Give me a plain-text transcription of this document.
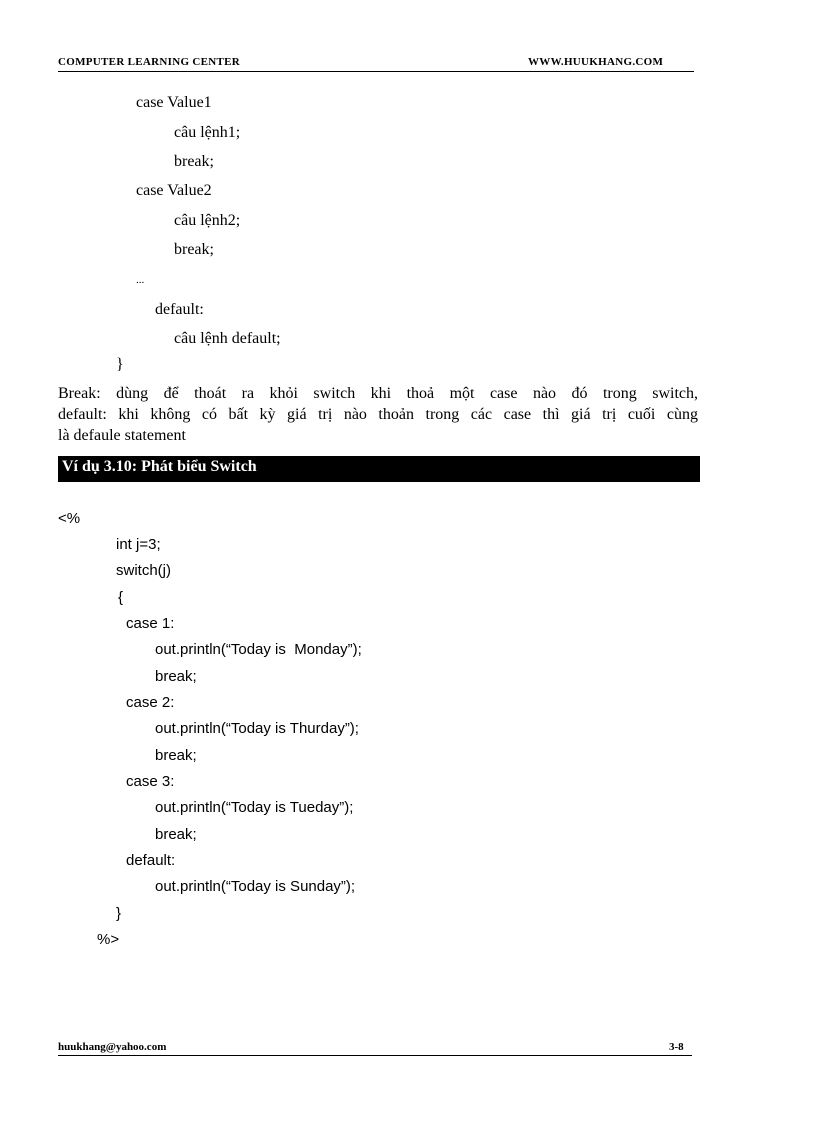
COMPUTER LEARNING CENTER	WWW.HUUKHANG.COM
case Value1
câu lệnh1;
break;
case Value2
câu lệnh2;
break;
...
default:
câu lệnh default;
}
Break: dùng để thoát ra khỏi switch khi thoả một case nào đó trong switch,
default: khi không có bất kỳ giá trị nào thoản trong các case thì giá trị cuối cùng
là defaule statement
Ví dụ 3.10: Phát biểu Switch
<%
int j=3;
switch(j)
{
case 1:
out.println(“Today is  Monday”);
break;
case 2:
out.println(“Today is Thurday”);
break;
case 3:
out.println(“Today is Tueday”);
break;
default:
out.println(“Today is Sunday”);
}
%>
huukhang@yahoo.com	3-8
